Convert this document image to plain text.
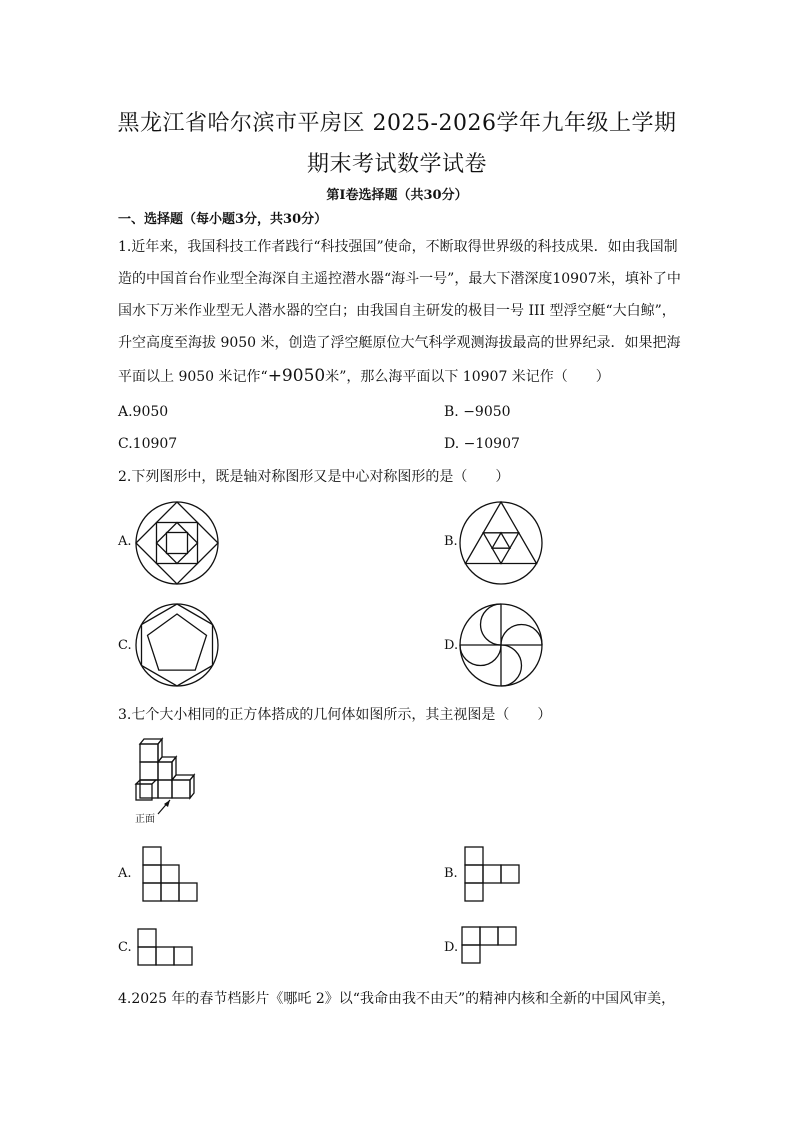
黑龙江省哈尔滨市平房区 2025-2026学年九年级上学期
期末考试数学试卷
第Ⅰ卷选择题（共30分）
一、选择题（每小题3分，共30分）
1.近年来，我国科技工作者践行“科技强国”使命，不断取得世界级的科技成果．如由我国制
造的中国首台作业型全海深自主遥控潜水器“海斗一号”，最大下潜深度10907米，填补了中
国水下万米作业型无人潜水器的空白；由我国自主研发的极目一号 III 型浮空艇“大白鲸”，
升空高度至海拔 9050 米，创造了浮空艇原位大气科学观测海拔最高的世界纪录．如果把海
平面以上 9050 米记作“+9050米”，那么海平面以下 10907 米记作（　　）
A.9050	B. −9050
C.10907	D. −10907
2.下列图形中，既是轴对称图形又是中心对称图形的是（　　）
A.	B.
C.	D.
3.七个大小相同的正方体搭成的几何体如图所示，其主视图是（　　）
正面
A.	B.
C.	D.
4.2025 年的春节档影片《哪吒 2》以“我命由我不由天”的精神内核和全新的中国风审美，
